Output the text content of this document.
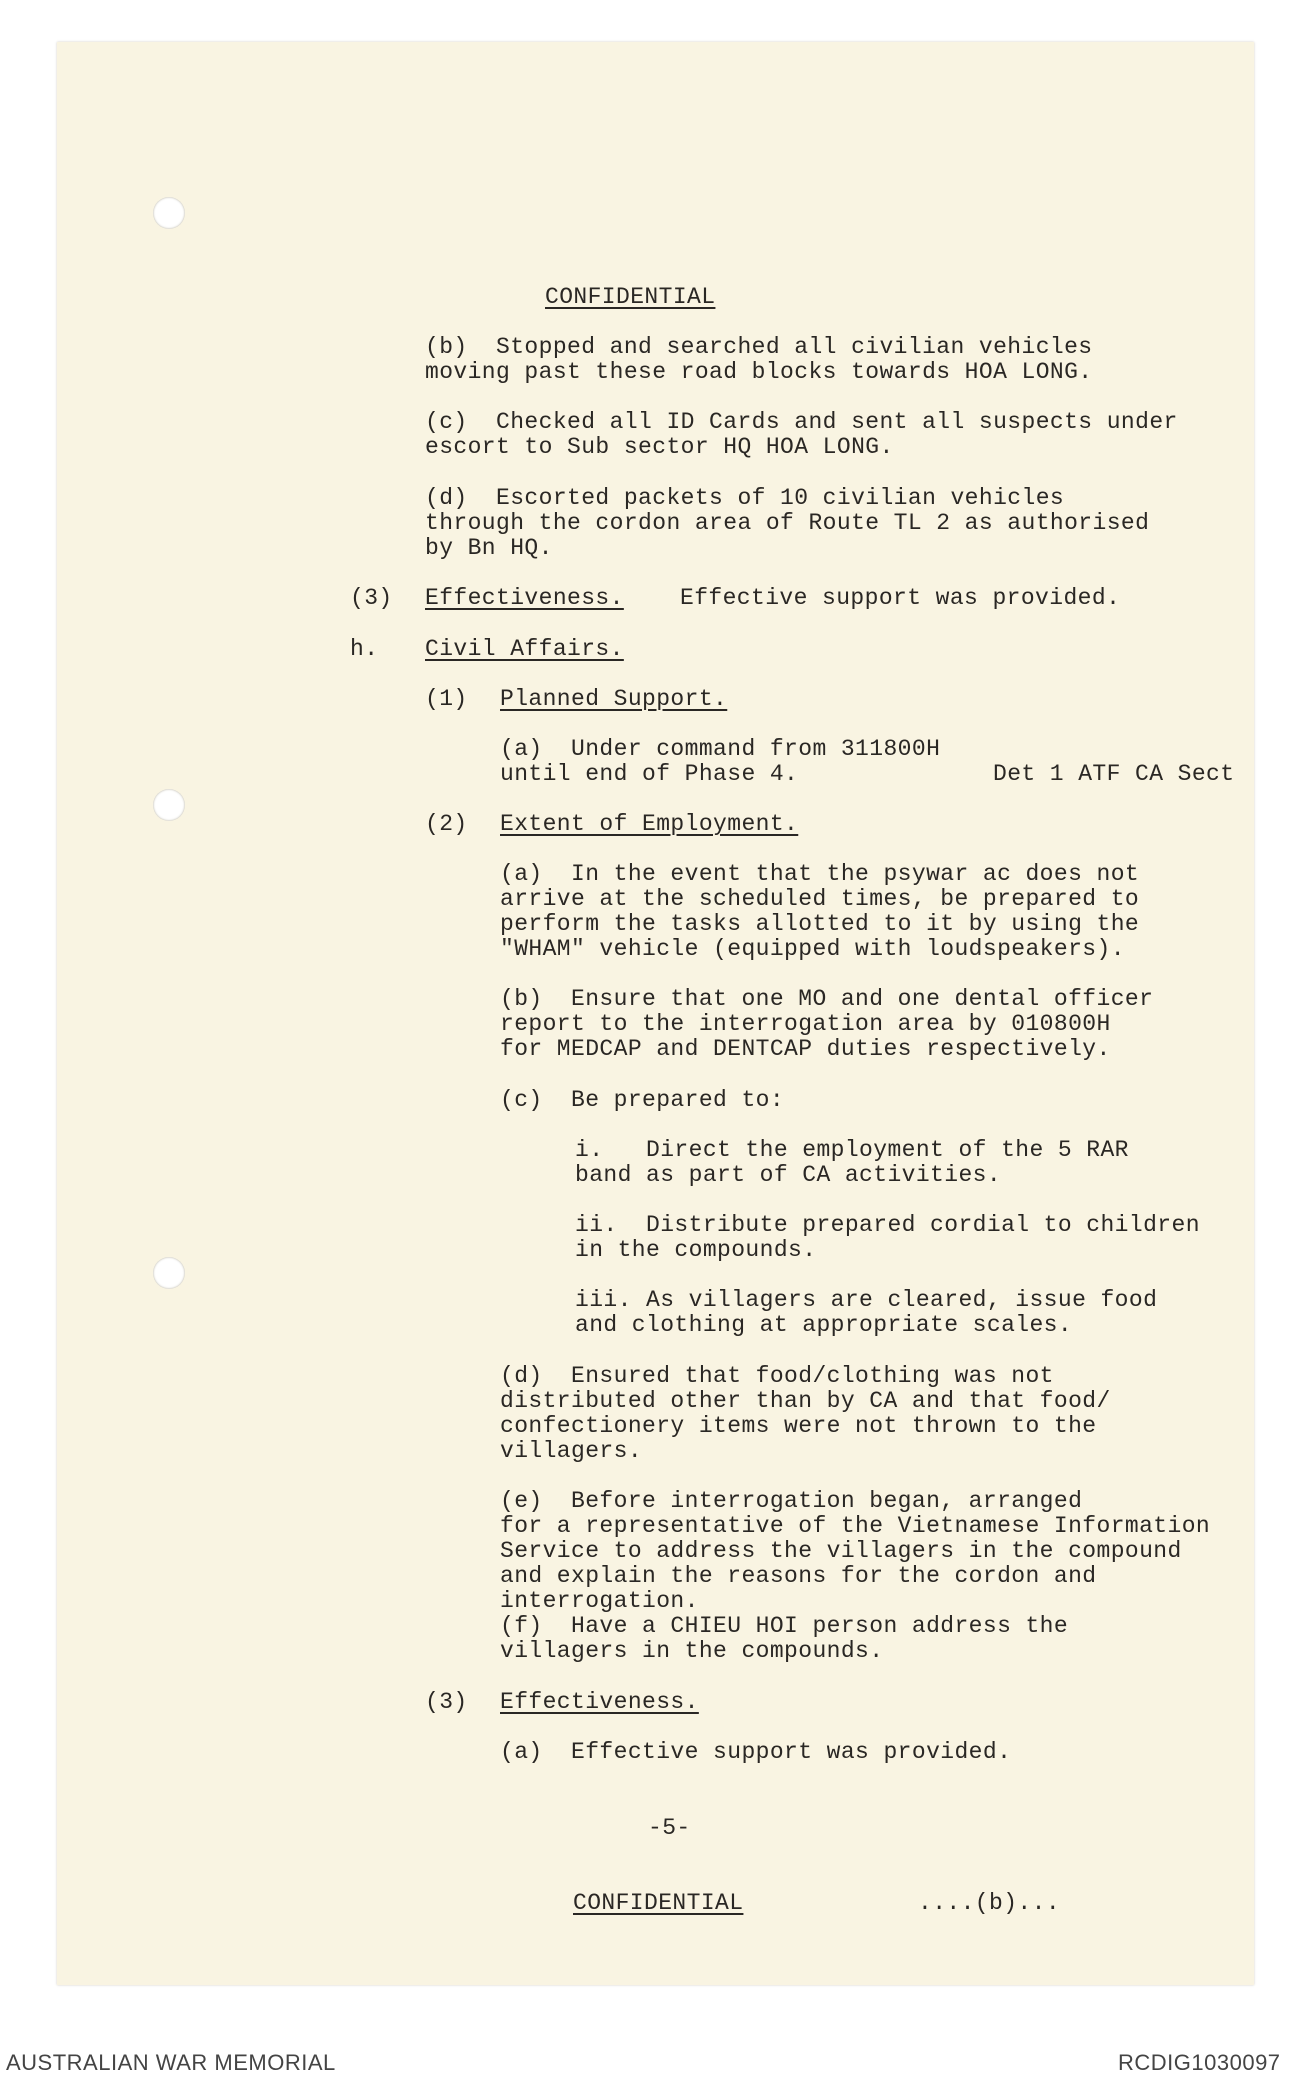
CONFIDENTIAL
(b)  Stopped and searched all civilian vehicles
moving past these road blocks towards HOA LONG.
(c)  Checked all ID Cards and sent all suspects under
escort to Sub sector HQ HOA LONG.
(d)  Escorted packets of 10 civilian vehicles
through the cordon area of Route TL 2 as authorised
by Bn HQ.
(3) Effectiveness. Effective support was provided.
h. Civil Affairs.
(1) Planned Support.
(a)  Under command from 311800H
until end of Phase 4.	Det 1 ATF CA Sect
(2) Extent of Employment.
(a)  In the event that the psywar ac does not
arrive at the scheduled times, be prepared to
perform the tasks allotted to it by using the
"WHAM" vehicle (equipped with loudspeakers).
(b)  Ensure that one MO and one dental officer
report to the interrogation area by 010800H
for MEDCAP and DENTCAP duties respectively.
(c)  Be prepared to:
i.   Direct the employment of the 5 RAR
band as part of CA activities.
ii.  Distribute prepared cordial to children
in the compounds.
iii. As villagers are cleared, issue food
and clothing at appropriate scales.
(d)  Ensured that food/clothing was not
distributed other than by CA and that food/
confectionery items were not thrown to the
villagers.
(e)  Before interrogation began, arranged
for a representative of the Vietnamese Information
Service to address the villagers in the compound
and explain the reasons for the cordon and
interrogation.
(f)  Have a CHIEU HOI person address the
villagers in the compounds.
(3) Effectiveness.
(a)  Effective support was provided.
-5-
CONFIDENTIAL	....(b)...
AUSTRALIAN WAR MEMORIAL	RCDIG1030097
